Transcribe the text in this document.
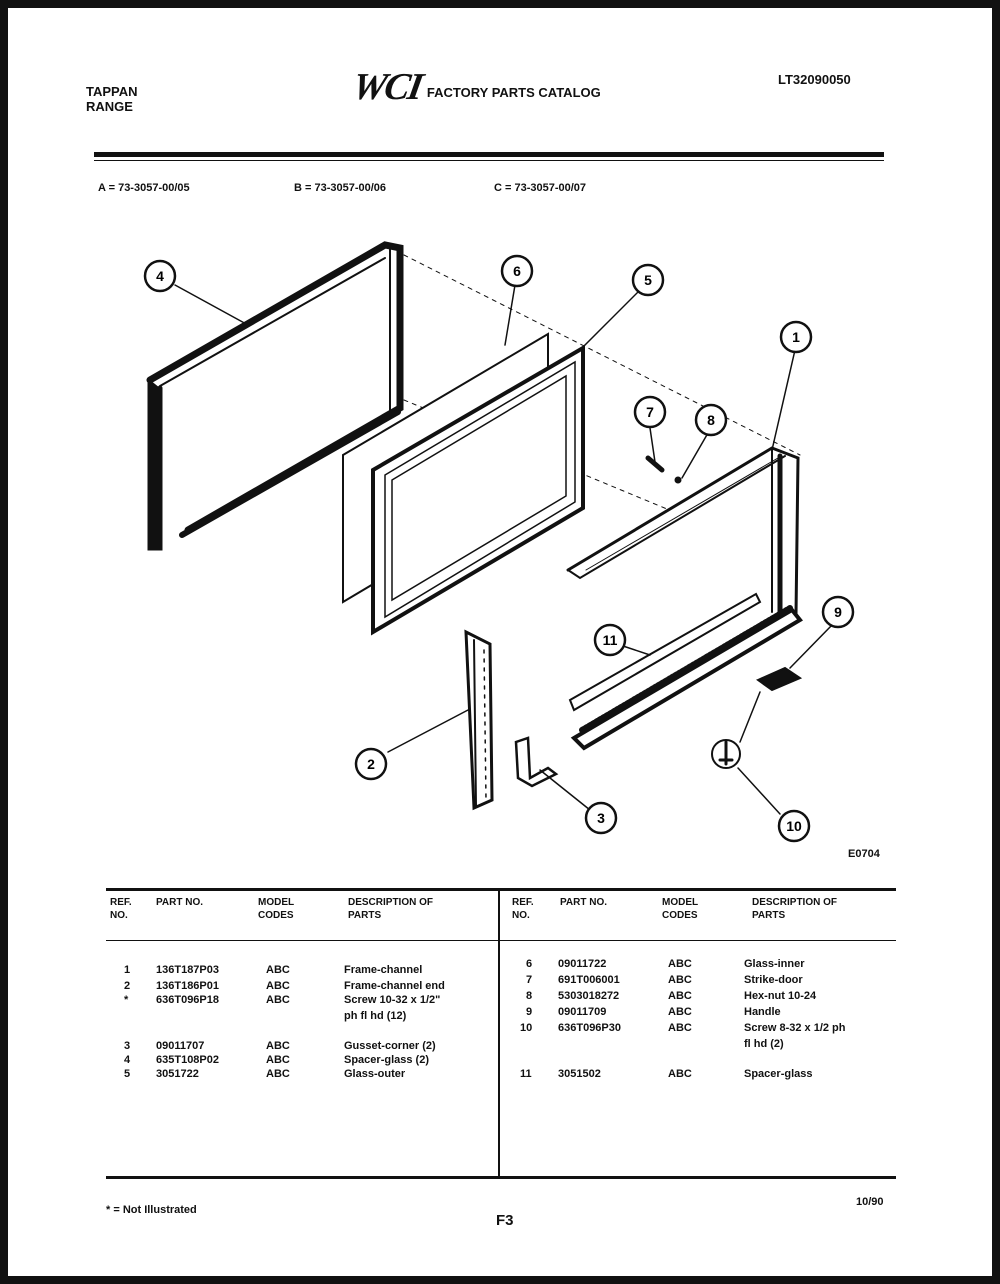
TAPPAN
RANGE	WCI FACTORY PARTS CATALOG
LT32090050
A = 73-3057-00/05	B = 73-3057-00/06	C = 73-3057-00/07
4	6
5
1
7	8
9
11
2
3	10
E0704
REF. NO.
PART NO.	MODEL CODES
DESCRIPTION OF PARTS
REF. NO.
PART NO.	MODEL CODES
DESCRIPTION OF PARTS
1 136T187P03	ABC	Frame-channel
2 136T186P01	ABC	Frame-channel end
*	636T096P18	ABC	Screw 10-32 x 1/2"
ph fl hd (12)
3 09011707	ABC	Gusset-corner (2)
4 635T108P02	ABC	Spacer-glass (2)
5 3051722	ABC	Glass-outer
6 09011722	ABC	Glass-inner
7 691T006001	ABC	Strike-door
8 5303018272	ABC	Hex-nut 10-24
9 09011709	ABC	Handle
10 636T096P30	ABC	Screw 8-32 x 1/2 ph
fl hd (2)
11 3051502	ABC	Spacer-glass
* = Not Illustrated
F3
10/90
